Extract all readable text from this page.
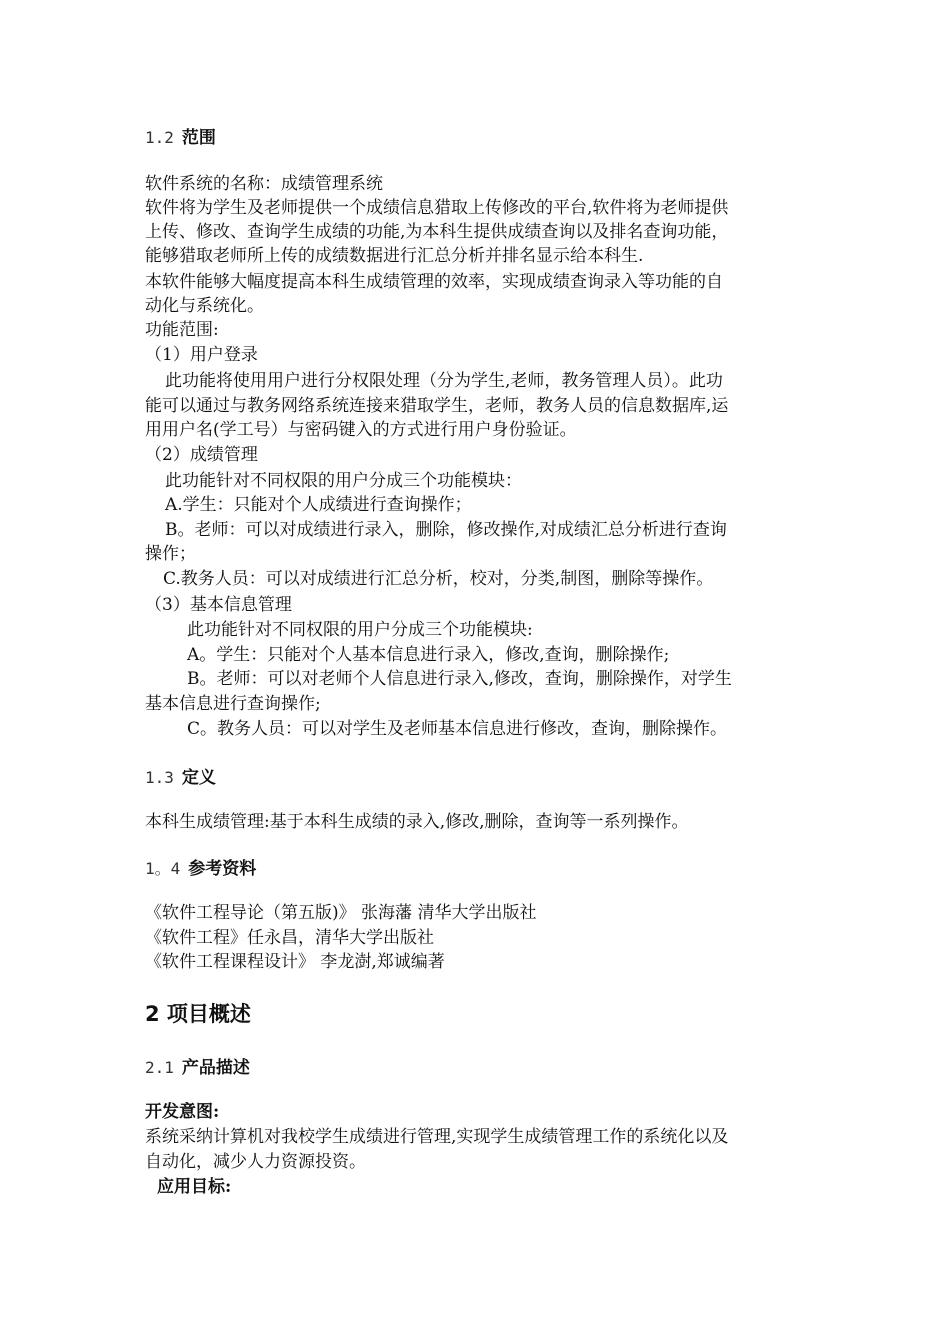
1.2 范围
软件系统的名称：成绩管理系统
软件将为学生及老师提供一个成绩信息猎取上传修改的平台,软件将为老师提供
上传、修改、查询学生成绩的功能,为本科生提供成绩查询以及排名查询功能，
能够猎取老师所上传的成绩数据进行汇总分析并排名显示给本科生.
本软件能够大幅度提高本科生成绩管理的效率，实现成绩查询录入等功能的自
动化与系统化。
功能范围:
（1）用户登录
此功能将使用用户进行分权限处理（分为学生,老师，教务管理人员）。此功
能可以通过与教务网络系统连接来猎取学生，老师，教务人员的信息数据库,运
用用户名(学工号）与密码键入的方式进行用户身份验证。
（2）成绩管理
此功能针对不同权限的用户分成三个功能模块：
A.学生：只能对个人成绩进行查询操作；
B。老师：可以对成绩进行录入，删除，修改操作,对成绩汇总分析进行查询
操作；
C.教务人员：可以对成绩进行汇总分析，校对，分类,制图，删除等操作。
（3）基本信息管理
此功能针对不同权限的用户分成三个功能模块:
A。学生：只能对个人基本信息进行录入，修改,查询，删除操作;
B。老师：可以对老师个人信息进行录入,修改，查询，删除操作，对学生
基本信息进行查询操作;
C。教务人员：可以对学生及老师基本信息进行修改，查询，删除操作。
1.3 定义
本科生成绩管理:基于本科生成绩的录入,修改,删除，查询等一系列操作。
1。4 参考资料
《软件工程导论（第五版)》 张海藩 清华大学出版社
《软件工程》任永昌，清华大学出版社
《软件工程课程设计》 李龙澍,郑诚编著
2 项目概述
2.1 产品描述
开发意图:
系统采纳计算机对我校学生成绩进行管理,实现学生成绩管理工作的系统化以及
自动化，减少人力资源投资。
应用目标:
